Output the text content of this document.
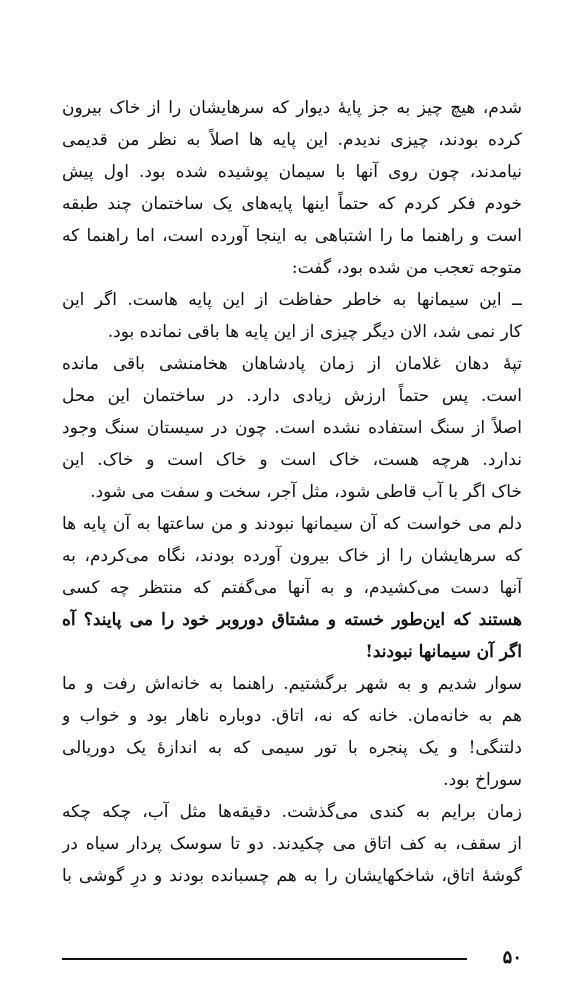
شدم، هیچ چیز به جز پایهٔ دیوار که سرهایشان را از خاک بیرون
کرده بودند، چیزی ندیدم. این پایه ها اصلاً به نظر من قدیمی
نیامدند، چون روی آنها با سیمان پوشیده شده بود. اول پیش
خودم فکر کردم که حتماً اینها پایه‌های یک ساختمان چند طبقه
است و راهنما ما را اشتباهی به اینجا آورده است، اما راهنما که
متوجه تعجب من شده بود، گفت:
ــ این سیمانها به خاطر حفاظت از این پایه هاست. اگر این
کار نمی شد، الان دیگر چیزی از این پایه ها باقی نمانده بود.
تپهٔ دهان غلامان از زمان پادشاهان هخامنشی باقی مانده
است. پس حتماً ارزش زیادی دارد. در ساختمان این محل
اصلاً از سنگ استفاده نشده است. چون در سیستان سنگ وجود
ندارد. هرچه هست، خاک است و خاک است و خاک. این
خاک اگر با آب قاطی شود، مثل آجر، سخت و سفت می شود.
دلم می خواست که آن سیمانها نبودند و من ساعتها به آن پایه ها
که سرهایشان را از خاک بیرون آورده بودند، نگاه می‌کردم، به
آنها دست می‌کشیدم، و به آنها می‌گفتم که منتظر چه کسی
هستند که این‌طور خسته و مشتاق دوروبر خود را می پایند؟ آه
اگر آن سیمانها نبودند!
سوار شدیم و به شهر برگشتیم. راهنما به خانه‌اش رفت و ما
هم به خانه‌مان. خانه که نه، اتاق. دوباره ناهار بود و خواب و
دلتنگی! و یک پنجره با تور سیمی که به اندازهٔ یک دوریالی
سوراخ بود.
زمان برایم به کندی می‌گذشت. دقیقه‌ها مثل آب، چکه چکه
از سقف، به کف اتاق می چکیدند. دو تا سوسک پردار سیاه در
گوشهٔ اتاق، شاخکهایشان را به هم چسبانده بودند و درِ گوشی با
۵۰
